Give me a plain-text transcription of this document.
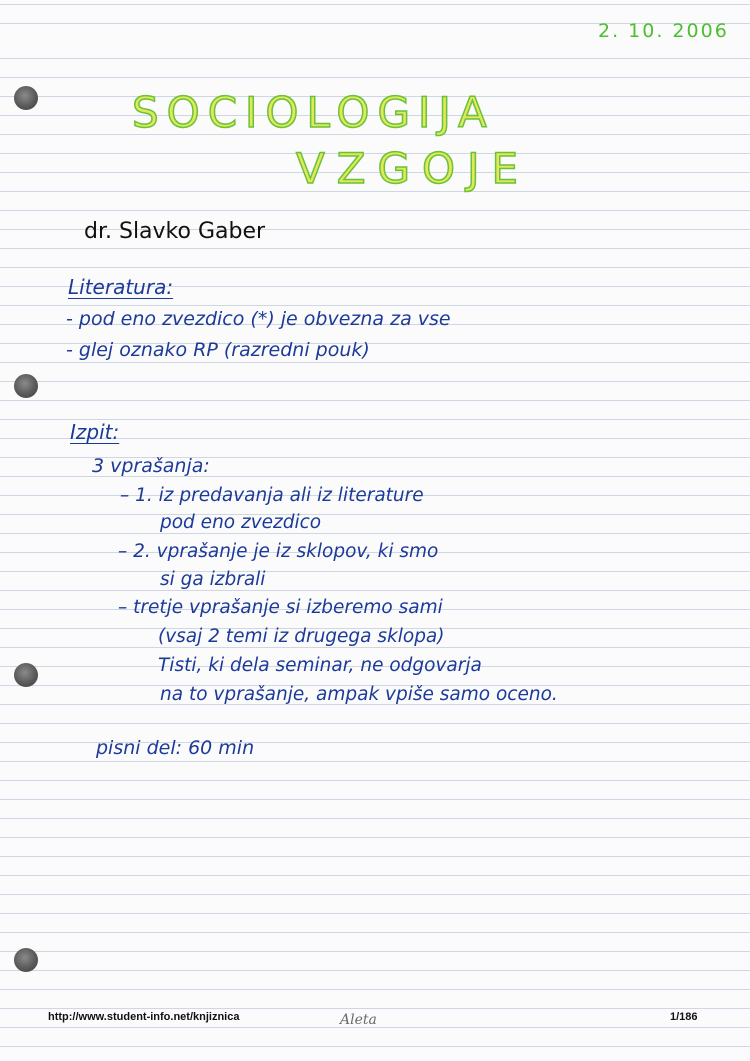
2. 10. 2006
SOCIOLOGIJA
VZGOJE
dr. Slavko Gaber
Literatura:
- pod eno zvezdico (*) je obvezna za vse
- glej oznako RP (razredni pouk)
Izpit:
3 vprašanja:
– 1. iz predavanja ali iz literature
pod eno zvezdico
– 2. vprašanje je iz sklopov, ki smo
si ga izbrali
– tretje vprašanje si izberemo sami
(vsaj 2 temi iz drugega sklopa)
Tisti, ki dela seminar, ne odgovarja
na to vprašanje, ampak vpiše samo oceno.
pisni del: 60 min
http://www.student-info.net/knjiznica	Aleta	1/186
